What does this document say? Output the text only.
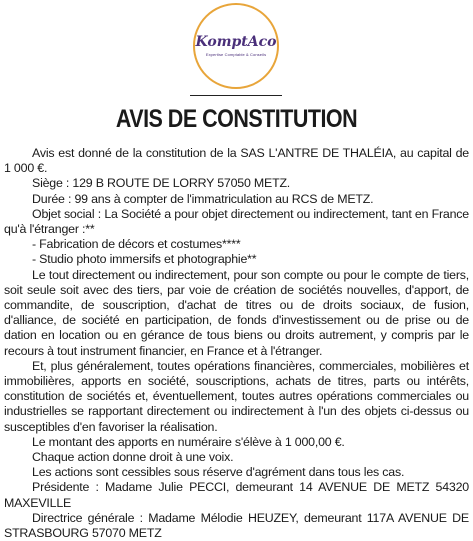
KomptAco
Expertise Comptable & Conseils
AVIS DE CONSTITUTION

Avis est donné de la constitution de la SAS L'ANTRE DE THALÉIA, au capital de 1 000 €.

Siège : 129 B ROUTE DE LORRY 57050 METZ.

Durée : 99 ans à compter de l'immatriculation au RCS de METZ.

Objet social : La Société a pour objet directement ou indirectement, tant en France qu'à l'étranger :**

- Fabrication de décors et costumes****

- Studio photo immersifs et photographie**

Le tout directement ou indirectement, pour son compte ou pour le compte de tiers, soit seule soit avec des tiers, par voie de création de sociétés nouvelles, d'apport, de commandite, de souscription, d'achat de titres ou de droits sociaux, de fusion, d'alliance, de société en participation, de fonds d'investissement ou de prise ou de dation en location ou en gérance de tous biens ou droits autrement, y compris par le recours à tout instrument financier, en France et à l'étranger.

Et, plus généralement, toutes opérations financières, commerciales, mobilières et immobilières, apports en société, souscriptions, achats de titres, parts ou intérêts, constitution de sociétés et, éventuellement, toutes autres opérations commerciales ou industrielles se rapportant directement ou indirectement à l'un des objets ci-dessus ou susceptibles d'en favoriser la réalisation.

Le montant des apports en numéraire s'élève à 1 000,00 €.

Chaque action donne droit à une voix.

Les actions sont cessibles sous réserve d'agrément dans tous les cas.

Présidente : Madame Julie PECCI, demeurant 14 AVENUE DE METZ 54320 MAXEVILLE

Directrice générale : Madame Mélodie HEUZEY, demeurant 117A AVENUE DE STRASBOURG 57070 METZ
